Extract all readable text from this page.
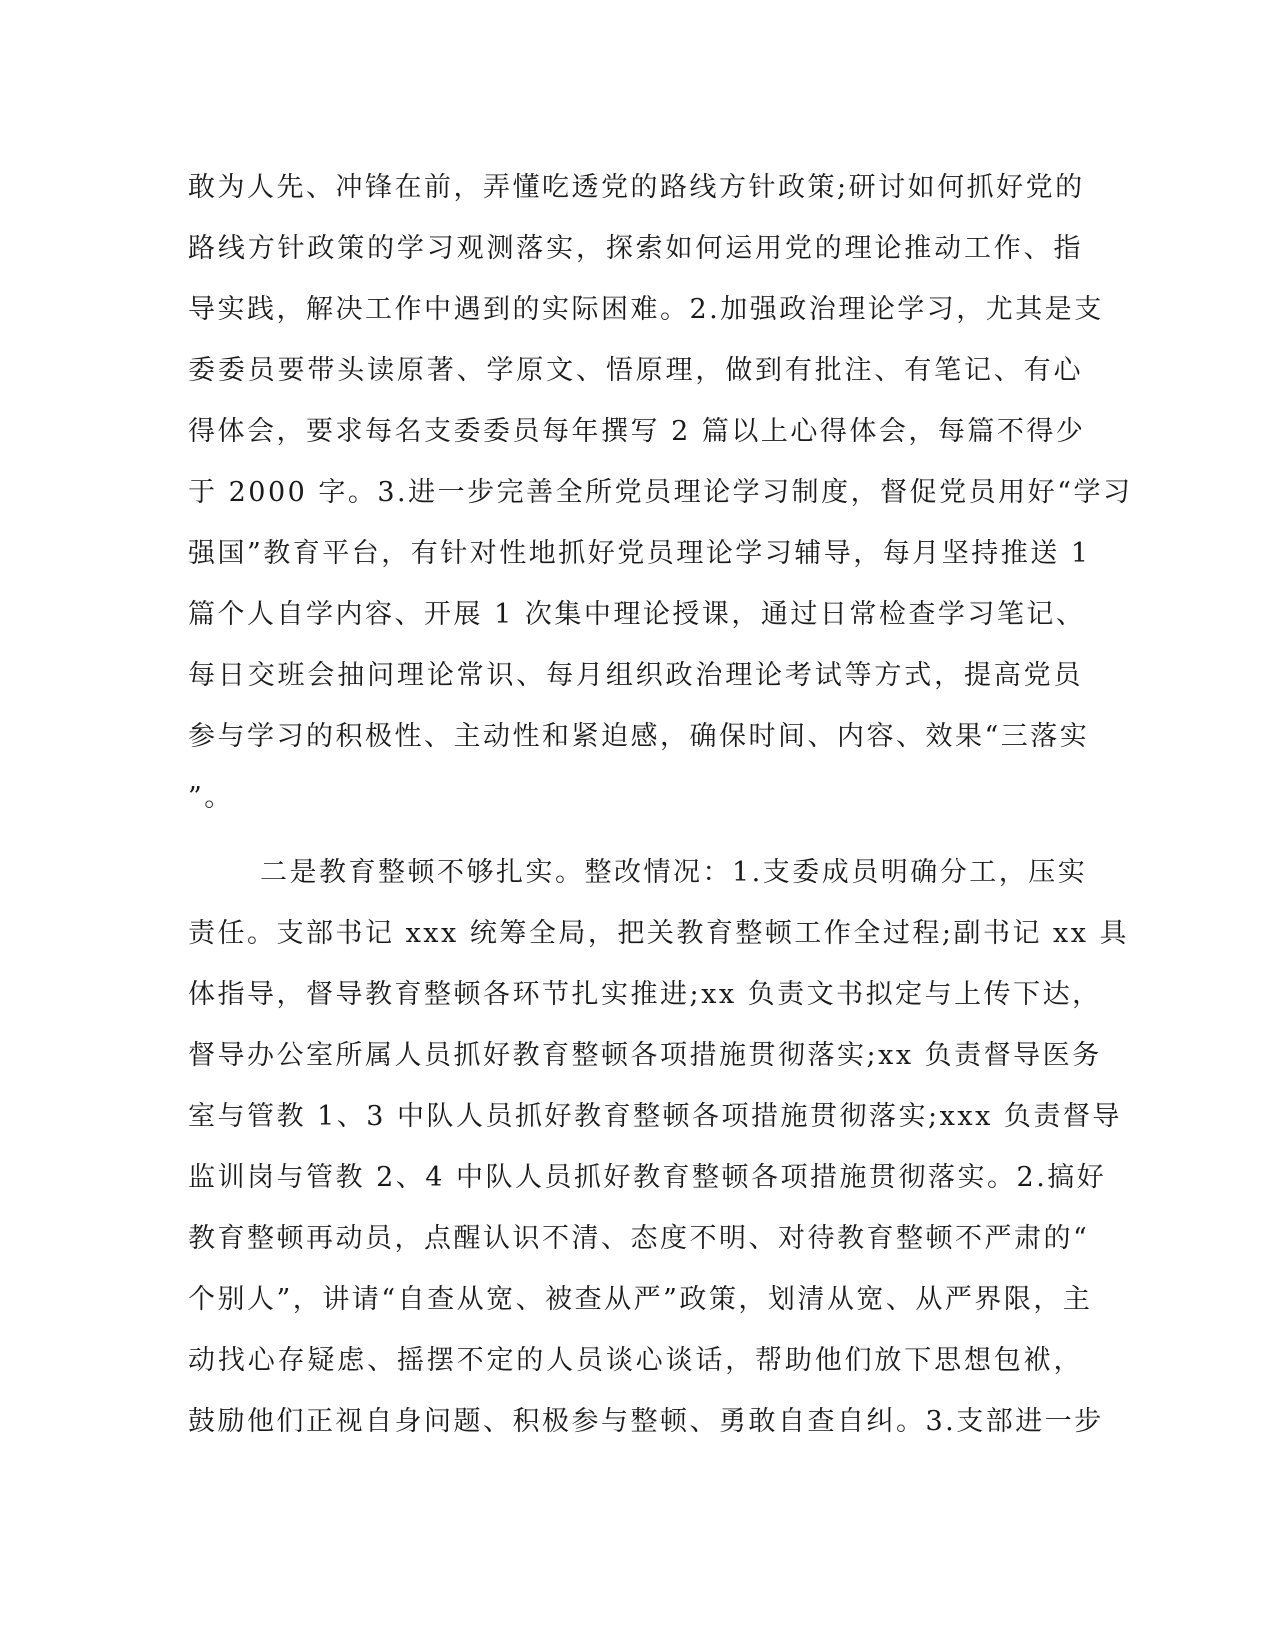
敢为人先、冲锋在前，弄懂吃透党的路线方针政策;研讨如何抓好党的
路线方针政策的学习观测落实，探索如何运用党的理论推动工作、指
导实践，解决工作中遇到的实际困难。2.加强政治理论学习，尤其是支
委委员要带头读原著、学原文、悟原理，做到有批注、有笔记、有心
得体会，要求每名支委委员每年撰写 2 篇以上心得体会，每篇不得少
于 2000 字。3.进一步完善全所党员理论学习制度，督促党员用好“学习
强国”教育平台，有针对性地抓好党员理论学习辅导，每月坚持推送 1
篇个人自学内容、开展 1 次集中理论授课，通过日常检查学习笔记、
每日交班会抽问理论常识、每月组织政治理论考试等方式，提高党员
参与学习的积极性、主动性和紧迫感，确保时间、内容、效果“三落实
”。
二是教育整顿不够扎实。整改情况：1.支委成员明确分工，压实
责任。支部书记 xxx 统筹全局，把关教育整顿工作全过程;副书记 xx 具
体指导，督导教育整顿各环节扎实推进;xx 负责文书拟定与上传下达，
督导办公室所属人员抓好教育整顿各项措施贯彻落实;xx 负责督导医务
室与管教 1、3 中队人员抓好教育整顿各项措施贯彻落实;xxx 负责督导
监训岗与管教 2、4 中队人员抓好教育整顿各项措施贯彻落实。2.搞好
教育整顿再动员，点醒认识不清、态度不明、对待教育整顿不严肃的“
个别人”，讲请“自查从宽、被查从严”政策，划清从宽、从严界限，主
动找心存疑虑、摇摆不定的人员谈心谈话，帮助他们放下思想包袱，
鼓励他们正视自身问题、积极参与整顿、勇敢自查自纠。3.支部进一步
